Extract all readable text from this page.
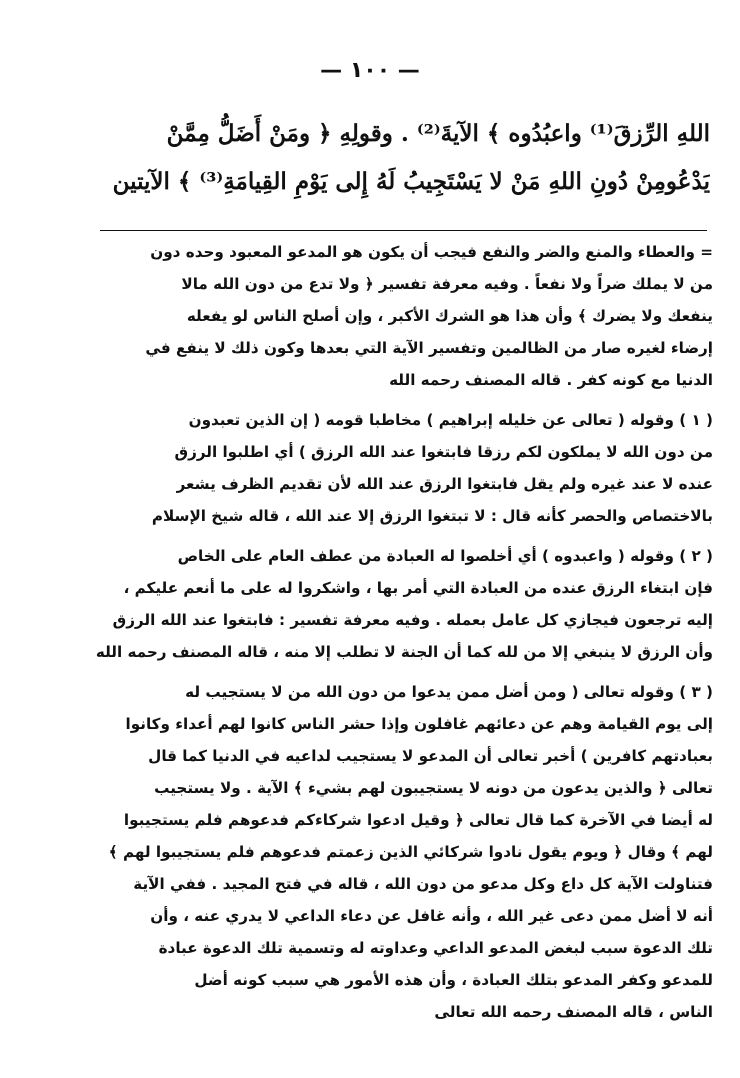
— ١٠٠ —
اللهِ الرِّزقَ⁽¹⁾ واعبُدُوه ﴾ الآيةَ⁽²⁾ . وقولِهِ ﴿ ومَنْ أَضَلُّ مِمَّنْ
يَدْعُومِنْ دُونِ اللهِ مَنْ لا يَسْتَجِيبُ لَهُ إِلى يَوْمِ القِيامَةِ⁽³⁾ ﴾ الآيتين
= والعطاء والمنع والضر والنفع فيجب أن يكون هو المدعو المعبود وحده دون
من لا يملك ضراً ولا نفعاً . وفيه معرفة تفسير ﴿ ولا تدع من دون الله مالا
ينفعك ولا يضرك ﴾ وأن هذا هو الشرك الأكبر ، وإن أصلح الناس لو يفعله
إرضاء لغيره صار من الظالمين وتفسير الآية التي بعدها وكون ذلك لا ينفع في
الدنيا مع كونه كفر . قاله المصنف رحمه الله
( ١ ) وقوله ( تعالى عن خليله إبراهيم ) مخاطبا قومه ( إن الذين تعبدون
من دون الله لا يملكون لكم رزقا فابتغوا عند الله الرزق ) أي اطلبوا الرزق
عنده لا عند غيره ولم يقل فابتغوا الرزق عند الله لأن تقديم الظرف يشعر
بالاختصاص والحصر كأنه قال : لا تبتغوا الرزق إلا عند الله ، قاله شيخ الإسلام
( ٢ ) وقوله ( واعبدوه ) أي أخلصوا له العبادة من عطف العام على الخاص
فإن ابتغاء الرزق عنده من العبادة التي أمر بها ، واشكروا له على ما أنعم عليكم ،
إليه ترجعون فيجازي كل عامل بعمله . وفيه معرفة تفسير : فابتغوا عند الله الرزق
وأن الرزق لا ينبغي إلا من لله كما أن الجنة لا تطلب إلا منه ، قاله المصنف رحمه الله
( ٣ ) وقوله تعالى ( ومن أضل ممن يدعوا من دون الله من لا يستجيب له
إلى يوم القيامة وهم عن دعائهم غافلون وإذا حشر الناس كانوا لهم أعداء وكانوا
بعبادتهم كافرين ) أخبر تعالى أن المدعو لا يستجيب لداعيه في الدنيا كما قال
تعالى ﴿ والذين يدعون من دونه لا يستجيبون لهم بشيء ﴾ الآية . ولا يستجيب
له أيضا في الآخرة كما قال تعالى ﴿ وقيل ادعوا شركاءكم فدعوهم فلم يستجيبوا
لهم ﴾ وقال ﴿ ويوم يقول نادوا شركائي الذين زعمتم فدعوهم فلم يستجيبوا لهم ﴾
فتناولت الآية كل داع وكل مدعو من دون الله ، قاله في فتح المجيد . ففي الآية
أنه لا أضل ممن دعى غير الله ، وأنه غافل عن دعاء الداعي لا يدري عنه ، وأن
تلك الدعوة سبب لبغض المدعو الداعي وعداوته له وتسمية تلك الدعوة عبادة
للمدعو وكفر المدعو بتلك العبادة ، وأن هذه الأمور هي سبب كونه أضل
الناس ، قاله المصنف رحمه الله تعالى
